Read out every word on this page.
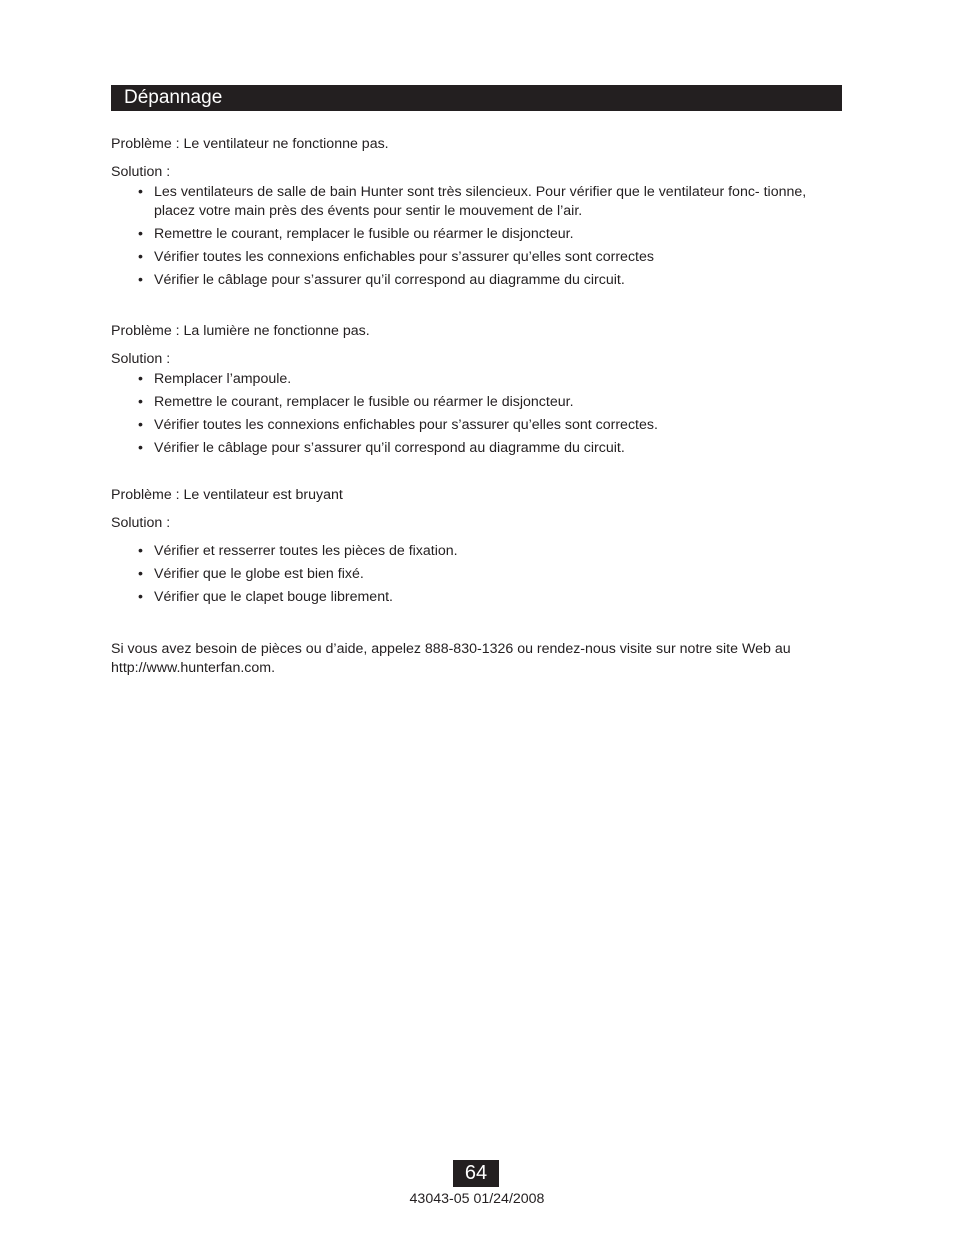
Dépannage
Problème : Le ventilateur ne fonctionne pas.
Solution :
• Les ventilateurs de salle de bain Hunter sont très silencieux. Pour vérifier que le ventilateur fonc- tionne, placez votre main près des évents pour sentir le mouvement de l’air.
• Remettre le courant, remplacer le fusible ou réarmer le disjoncteur.
• Vérifier toutes les connexions enfichables pour s’assurer qu’elles sont correctes
• Vérifier le câblage pour s’assurer qu’il correspond au diagramme du circuit.
Problème : La lumière ne fonctionne pas.
Solution :
• Remplacer l’ampoule.
• Remettre le courant, remplacer le fusible ou réarmer le disjoncteur.
• Vérifier toutes les connexions enfichables pour s’assurer qu’elles sont correctes.
• Vérifier le câblage pour s’assurer qu’il correspond au diagramme du circuit.
Problème : Le ventilateur est bruyant
Solution :
• Vérifier et resserrer toutes les pièces de fixation.
• Vérifier que le globe est bien fixé.
• Vérifier que le clapet bouge librement.
Si vous avez besoin de pièces ou d’aide, appelez 888-830-1326 ou rendez-nous visite sur notre site Web au
http://www.hunterfan.com.
64
43043-05 01/24/2008
